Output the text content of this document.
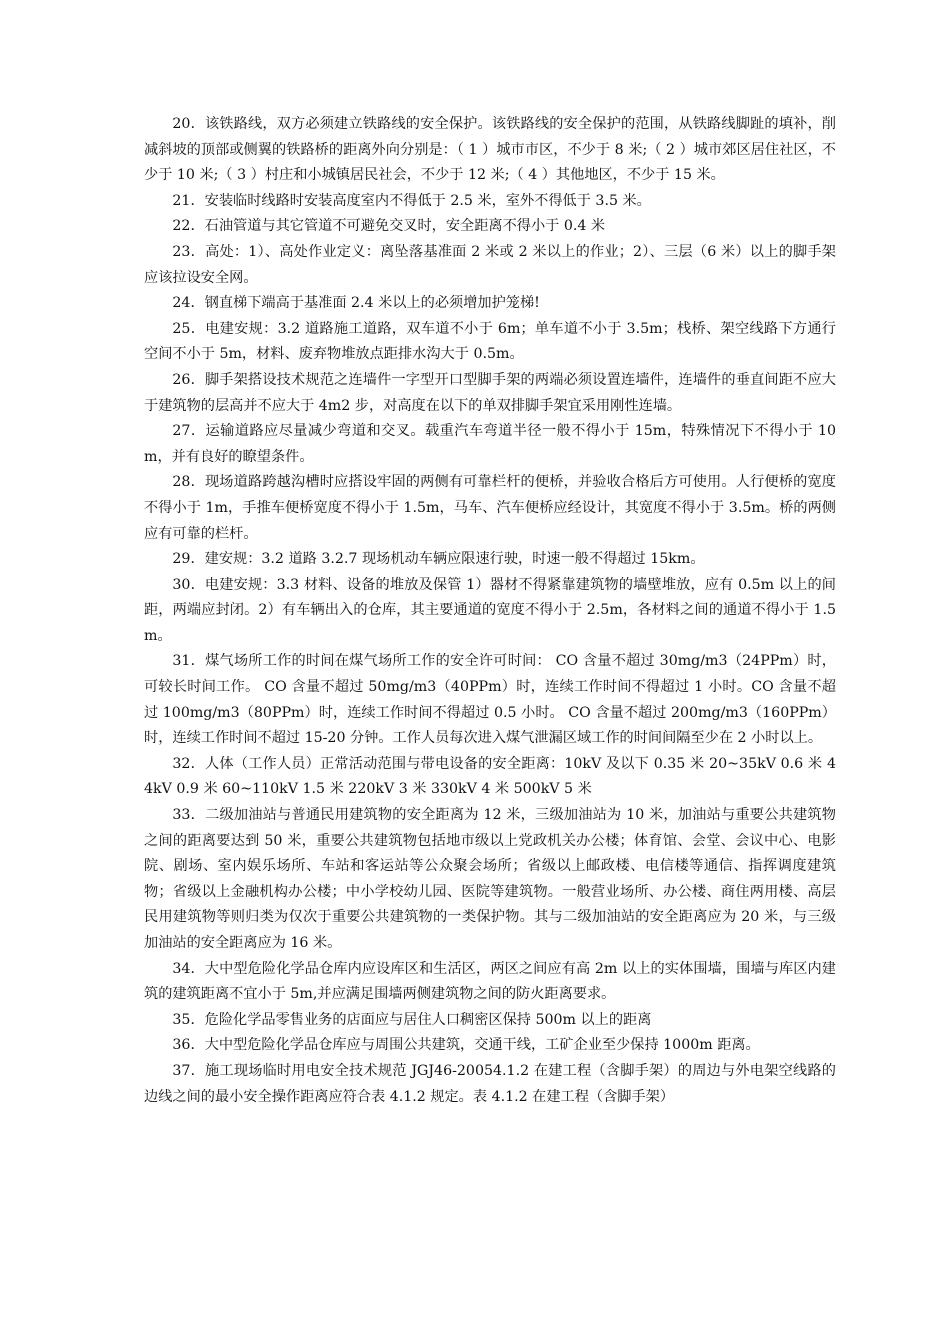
20．该铁路线，双方必须建立铁路线的安全保护。该铁路线的安全保护的范围，从铁路线脚趾的填补，削减斜坡的顶部或侧翼的铁路桥的距离外向分别是：（ 1 ）城市市区，不少于 8 米;（ 2 ）城市郊区居住社区，不少于 10 米;（ 3 ）村庄和小城镇居民社会，不少于 12 米;（ 4 ）其他地区，不少于 15 米。

21．安装临时线路时安装高度室内不得低于 2.5 米，室外不得低于 3.5 米。

22．石油管道与其它管道不可避免交叉时，安全距离不得小于 0.4 米

23．高处：1）、高处作业定义：离坠落基准面 2 米或 2 米以上的作业；2）、三层（6 米）以上的脚手架应该拉设安全网。

24．钢直梯下端高于基准面 2.4 米以上的必须增加护笼梯!

25．电建安规：3.2 道路施工道路，双车道不小于 6m；单车道不小于 3.5m；栈桥、架空线路下方通行空间不小于 5m，材料、废弃物堆放点距排水沟大于 0.5m。

26．脚手架搭设技术规范之连墙件一字型开口型脚手架的两端必须设置连墙件，连墙件的垂直间距不应大于建筑物的层高并不应大于 4m2 步，对高度在以下的单双排脚手架宜采用刚性连墙。

27．运输道路应尽量减少弯道和交叉。载重汽车弯道半径一般不得小于 15m，特殊情况下不得小于 10m，并有良好的瞭望条件。

28．现场道路跨越沟槽时应搭设牢固的两侧有可靠栏杆的便桥，并验收合格后方可使用。人行便桥的宽度不得小于 1m，手推车便桥宽度不得小于 1.5m，马车、汽车便桥应经设计，其宽度不得小于 3.5m。桥的两侧应有可靠的栏杆。

29．建安规：3.2 道路 3.2.7 现场机动车辆应限速行驶，时速一般不得超过 15km。

30．电建安规：3.3 材料、设备的堆放及保管 1）器材不得紧靠建筑物的墙壁堆放，应有 0.5m 以上的间距，两端应封闭。2）有车辆出入的仓库，其主要通道的宽度不得小于 2.5m，各材料之间的通道不得小于 1.5m。

31．煤气场所工作的时间在煤气场所工作的安全许可时间： CO 含量不超过 30mg/m3（24PPm）时，可较长时间工作。 CO 含量不超过 50mg/m3（40PPm）时，连续工作时间不得超过 1 小时。CO 含量不超过 100mg/m3（80PPm）时，连续工作时间不得超过 0.5 小时。 CO 含量不超过 200mg/m3（160PPm）时，连续工作时间不超过 15-20 分钟。工作人员每次进入煤气泄漏区域工作的时间间隔至少在 2 小时以上。

32．人体（工作人员）正常活动范围与带电设备的安全距离：10kV 及以下 0.35 米 20~35kV 0.6 米 44kV 0.9 米 60~110kV 1.5 米 220kV 3 米 330kV 4 米 500kV 5 米

33．二级加油站与普通民用建筑物的安全距离为 12 米，三级加油站为 10 米，加油站与重要公共建筑物之间的距离要达到 50 米，重要公共建筑物包括地市级以上党政机关办公楼；体育馆、会堂、会议中心、电影院、剧场、室内娱乐场所、车站和客运站等公众聚会场所；省级以上邮政楼、电信楼等通信、指挥调度建筑物；省级以上金融机构办公楼；中小学校幼儿园、医院等建筑物。一般营业场所、办公楼、商住两用楼、高层民用建筑物等则归类为仅次于重要公共建筑物的一类保护物。其与二级加油站的安全距离应为 20 米，与三级加油站的安全距离应为 16 米。

34．大中型危险化学品仓库内应设库区和生活区，两区之间应有高 2m 以上的实体围墙，围墙与库区内建筑的建筑距离不宜小于 5m,并应满足围墙两侧建筑物之间的防火距离要求。

35．危险化学品零售业务的店面应与居住人口稠密区保持 500m 以上的距离

36．大中型危险化学品仓库应与周围公共建筑，交通干线，工矿企业至少保持 1000m 距离。

37．施工现场临时用电安全技术规范 JGJ46-20054.1.2 在建工程（含脚手架）的周边与外电架空线路的边线之间的最小安全操作距离应符合表 4.1.2 规定。表 4.1.2 在建工程（含脚手架）
